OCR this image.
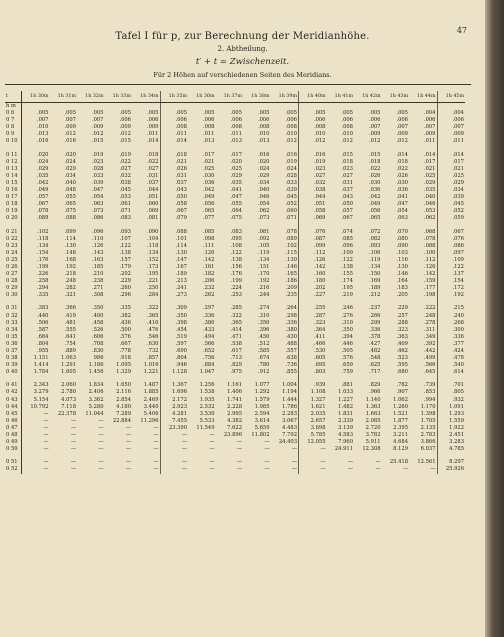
47
Tafel I für p, zur Berechnung der Meridianhöhe.
2. Abtheilung.
t′ + t = Zwischenzeit.
Für 2 Höhen auf verschiedenen Seiten des Meridians.
t	1h 30m	1h 31m	1h 32m	1h 33m	1h 34m	1h 35m	1h 36m	1h 37m	1h 38m	1h 39m	1h 40m	1h 41m	1h 42m	1h 43m	1h 44m	1h 45m
h m																
0 6	.005	.005	.005	.005	.005	.005	.005	.005	.005	.005	.005	.005	.005	.005	.004	.004
0 7	.007	.007	.007	.006	.006	.006	.006	.006	.006	.006	.006	.006	.006	.006	.006	.006
0 8	.010	.009	.009	.009	.009	.008	.008	.008	.008	.008	.008	.008	.007	.007	.007	.007
0 9	.013	.012	.012	.012	.011	.011	.011	.011	.010	.010	.010	.010	.009	.009	.009	.009
0 10	.016	.016	.015	.015	.014	.014	.013	.013	.013	.012	.012	.012	.012	.012	.011	.011

0 11	.020	.020	.019	.019	.018	.018	.017	.017	.016	.016	.016	.015	.015	.014	.014	.014
0 12	.024	.024	.023	.022	.022	.021	.021	.020	.020	.019	.019	.018	.018	.018	.017	.017
0 13	.029	.029	.028	.027	.027	.026	.025	.025	.024	.024	.023	.023	.022	.022	.021	.021
0 14	.035	.034	.033	.032	.031	.031	.030	.029	.029	.028	.027	.027	.026	.026	.025	.025
0 15	.042	.040	.039	.038	.037	.037	.036	.035	.034	.033	.032	.031	.030	.030	.029	.029
0 16	.049	.048	.047	.045	.044	.043	.042	.041	.040	.039	.038	.037	.036	.036	.035	.034
0 17	.057	.055	.054	.053	.051	.050	.049	.047	.046	.045	.044	.043	.042	.041	.040	.039
0 18	.067	.065	.063	.061	.060	.058	.056	.055	.054	.052	.051	.050	.049	.047	.046	.045
0 19	.078	.075	.073	.071	.069	.067	.065	.064	.062	.060	.058	.057	.056	.054	.053	.052
0 20	.089	.088	.086	.083	.081	.079	.077	.075	.073	.071	.069	.067	.065	.063	.062	.059

0 21	.102	.099	.096	.093	.090	.088	.085	.083	.081	.078	.076	.074	.072	.070	.068	.067
0 22	.118	.114	.110	.107	.104	.101	.098	.095	.092	.089	.087	.085	.082	.080	.078	.076
0 23	.134	.130	.126	.122	.118	.114	.111	.108	.105	.102	.099	.096	.093	.090	.088	.086
0 24	.154	.148	.143	.138	.134	.130	.126	.122	.119	.115	.112	.109	.106	.103	.100	.097
0 25	.176	.168	.163	.157	.152	.147	.142	.138	.134	.130	.126	.122	.119	.116	.112	.109
0 26	.199	.192	.185	.179	.173	.167	.161	.156	.151	.146	.142	.138	.134	.130	.126	.122
0 27	.226	.218	.210	.202	.195	.189	.182	.176	.170	.165	.160	.155	.150	.146	.142	.137
0 28	.258	.248	.238	.229	.221	.213	.206	.199	.192	.186	.180	.174	.169	.164	.159	.154
0 29	.294	.282	.271	.260	.250	.241	.232	.224	.216	.209	.202	.195	.189	.183	.177	.172
0 30	.335	.321	.308	.296	.284	.273	.262	.253	.244	.235	.227	.219	.212	.205	.198	.192

0 31	.383	.366	.350	.335	.322	.309	.297	.285	.274	.264	.255	.246	.237	.229	.222	.215
0 32	.440	.419	.400	.382	.365	.350	.336	.322	.310	.298	.287	.276	.266	.257	.248	.240
0 33	.506	.481	.458	.436	.416	.398	.380	.365	.350	.336	.323	.310	.299	.288	.278	.268
0 34	.587	.555	.526	.500	.476	.454	.433	.414	.396	.380	.364	.350	.336	.323	.311	.300
0 35	.684	.641	.606	.576	.546	.519	.494	.471	.450	.430	.411	.394	.378	.363	.349	.336
0 36	.804	.754	.708	.667	.630	.597	.566	.538	.512	.488	.466	.446	.427	.409	.392	.377
0 37	.955	.889	.830	.778	.732	.690	.652	.617	.585	.557	.530	.505	.482	.462	.442	.424
0 38	1.151	1.063	986	.918	.857	.804	.756	.713	.674	.638	.605	.576	.548	.523	.499	.478
0 39	1.414	1.291	1.186	1.095	1.016	.946	.884	.829	.780	.736	.695	.659	.625	.595	.566	.540
0 40	1.784	1.605	1.456	1.329	1.221	1.128	1.047	.975	.912	.855	.803	.759	.717	.680	.645	.614

0 41	2.343	2.060	1.834	1.650	1.487	1.367	1.256	1.161	1.077	1.004	.939	.881	.829	.782	.739	.701
0 42	3.279	2.780	2.406	2.116	1.885	1.696	1.538	1.406	1.292	1.194	1.108	1.033	.966	.907	.853	.805
0 43	5.154	4.073	3.362	2.854	2.469	2.172	1.935	1.741	1.579	1.444	1.327	1.227	1.140	1.062	.994	.932
0 44	10.792	7.118	5.280	4.180	3.440	2.923	2.532	2.228	1.985	1.786	1.621	1.482	1.363	1.260	1.170	1.091
0 45	—	22.378	11.044	7.289	5.406	4.281	3.530	2.995	2.594	2.283	2.035	1.831	1.663	1.521	1.398	1.293
0 46	—	—	—	22.884	11.296	7.455	5.533	4.382	3.614	3.067	2.657	2.339	2.085	1.877	1.705	1.559
0 47	—	—	—	—	—	23.390	11.549	7.622	5.659	4.483	3.698	3.139	2.720	2.395	2.135	1.922
0 48	—	—	—	—	—	—	—	23.896	11.802	7.792	5.785	4.583	3.782	3.211	2.783	2.451
0 49	—	—	—	—	—	—	—	—	—	24.403	12.055	7.960	5.911	4.684	3.866	3.283
0 50	—	—	—	—	—	—	—	—	—	—	—	24.911	12.308	8.129	6.037	4.785

0 51	—	—	—	—	—	—	—	—	—	—	—	—	—	25.418	12.561	8.297
0 52	—	—	—	—	—	—	—	—	—	—	—	—	—	—	—	25.926
